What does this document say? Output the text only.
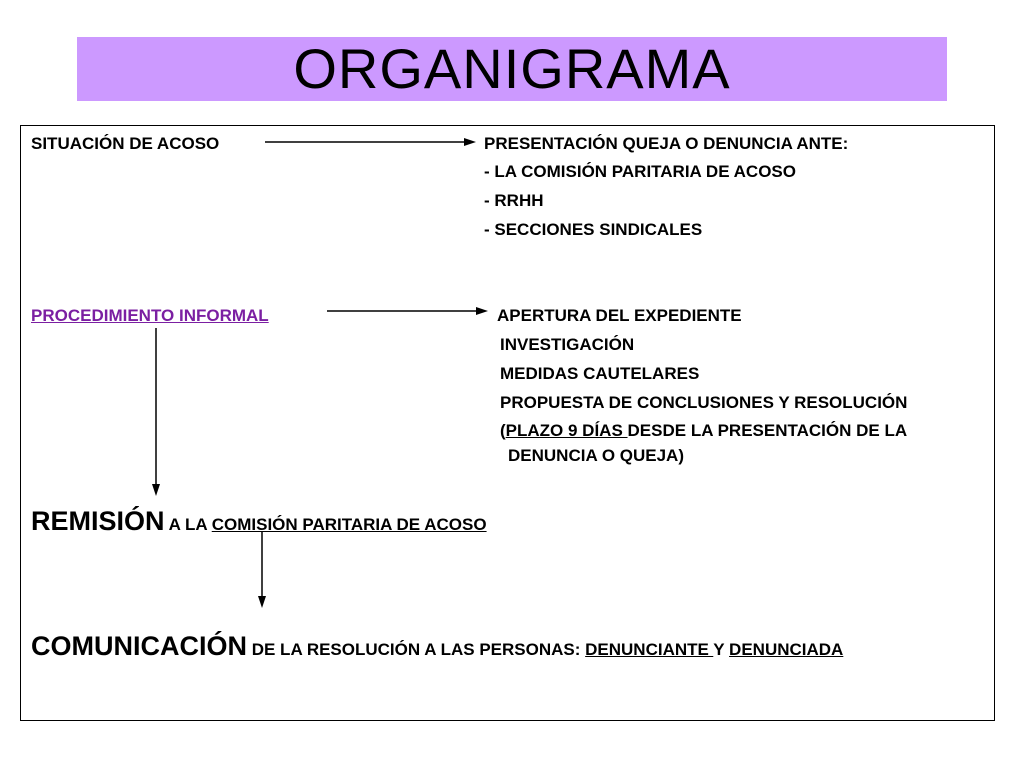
ORGANIGRAMA
SITUACIÓN DE ACOSO	PRESENTACIÓN QUEJA O DENUNCIA ANTE:
- LA COMISIÓN PARITARIA DE ACOSO
- RRHH
- SECCIONES SINDICALES
PROCEDIMIENTO INFORMAL	APERTURA DEL EXPEDIENTE
INVESTIGACIÓN
MEDIDAS CAUTELARES
PROPUESTA DE CONCLUSIONES Y RESOLUCIÓN
(PLAZO 9 DÍAS DESDE LA PRESENTACIÓN DE LA
DENUNCIA O QUEJA)
REMISIÓN A LA COMISIÓN PARITARIA DE ACOSO
COMUNICACIÓN DE LA RESOLUCIÓN A LAS PERSONAS: DENUNCIANTE Y DENUNCIADA
